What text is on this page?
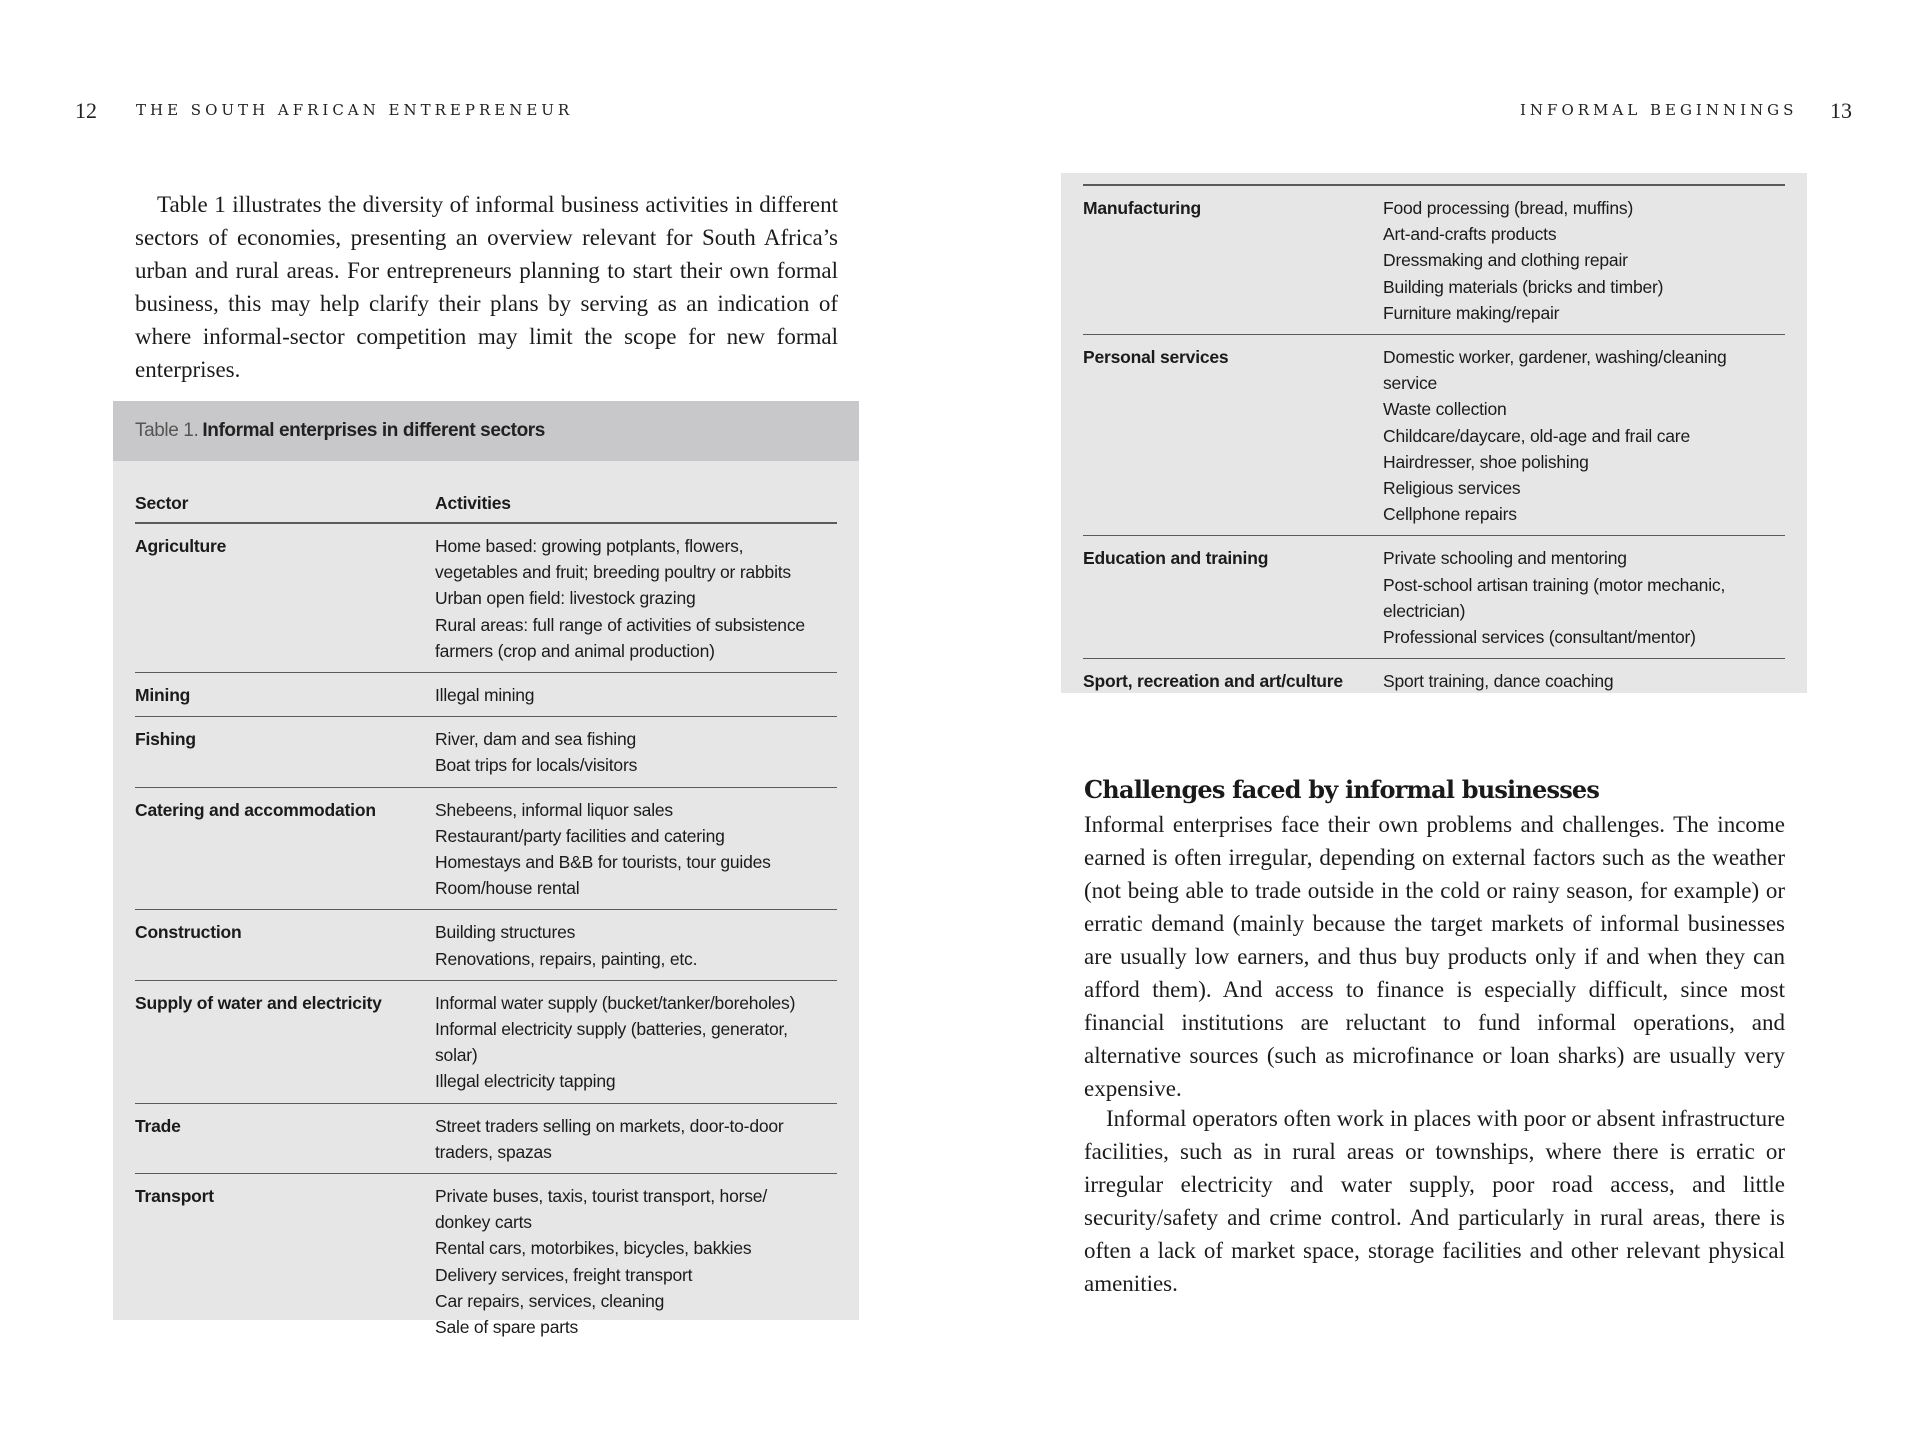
12	THE SOUTH AFRICAN ENTREPRENEUR

Table 1 illustrates the diversity of informal business activities in different sectors of economies, presenting an overview relevant for South Africa’s urban and rural areas. For entrepreneurs planning to start their own formal business, this may help clarify their plans by serving as an indication of where informal-sector competition may limit the scope for new formal enterprises.

Table 1. Informal enterprises in different sectors
Sector	Activities

Agriculture	Home based: growing potplants, flowers,
vegetables and fruit; breeding poultry or rabbits
Urban open field: livestock grazing
Rural areas: full range of activities of subsistence
farmers (crop and animal production)

Mining	Illegal mining

Fishing	River, dam and sea fishing
Boat trips for locals/visitors

Catering and accommodation	Shebeens, informal liquor sales
Restaurant/party facilities and catering
Homestays and B&B for tourists, tour guides
Room/house rental

Construction	Building structures
Renovations, repairs, painting, etc.

Supply of water and electricity	Informal water supply (bucket/tanker/boreholes)
Informal electricity supply (batteries, generator,
solar)
Illegal electricity tapping

Trade	Street traders selling on markets, door-to-door
traders, spazas

Transport	Private buses, taxis, tourist transport, horse/
donkey carts
Rental cars, motorbikes, bicycles, bakkies
Delivery services, freight transport
Car repairs, services, cleaning
Sale of spare parts
INFORMAL BEGINNINGS 13
Manufacturing	Food processing (bread, muffins)
Art-and-crafts products
Dressmaking and clothing repair
Building materials (bricks and timber)
Furniture making/repair

Personal services	Domestic worker, gardener, washing/cleaning
service
Waste collection
Childcare/daycare, old-age and frail care
Hairdresser, shoe polishing
Religious services
Cellphone repairs

Education and training	Private schooling and mentoring
Post-school artisan training (motor mechanic,
electrician)
Professional services (consultant/mentor)

Sport, recreation and art/culture	Sport training, dance coaching
Challenges faced by informal businesses

Informal enterprises face their own problems and challenges. The income earned is often irregular, depending on external factors such as the weather (not being able to trade outside in the cold or rainy season, for example) or erratic demand (mainly because the target markets of informal businesses are usually low earners, and thus buy products only if and when they can afford them). And access to finance is especially difficult, since most financial institutions are reluctant to fund informal operations, and alternative sources (such as microfinance or loan sharks) are usually very expensive.

Informal operators often work in places with poor or absent infrastructure facilities, such as in rural areas or townships, where there is erratic or irregular electricity and water supply, poor road access, and little security/safety and crime control. And particularly in rural areas, there is often a lack of market space, storage facilities and other relevant physical amenities.
